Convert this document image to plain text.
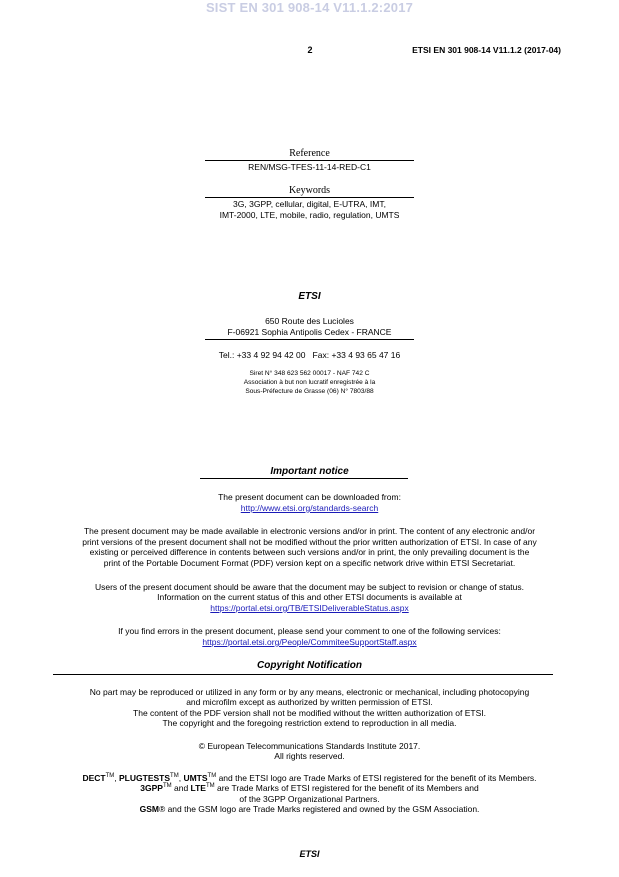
SIST EN 301 908-14 V11.1.2:2017
2	ETSI EN 301 908-14 V11.1.2 (2017-04)
Reference
REN/MSG-TFES-11-14-RED-C1
Keywords
3G, 3GPP, cellular, digital, E-UTRA, IMT,
IMT-2000, LTE, mobile, radio, regulation, UMTS
ETSI
650 Route des Lucioles
F-06921 Sophia Antipolis Cedex - FRANCE
Tel.: +33 4 92 94 42 00   Fax: +33 4 93 65 47 16
Siret N° 348 623 562 00017 - NAF 742 C
Association à but non lucratif enregistrée à la
Sous-Préfecture de Grasse (06) N° 7803/88
Important notice
The present document can be downloaded from:
http://www.etsi.org/standards-search
The present document may be made available in electronic versions and/or in print. The content of any electronic and/or
print versions of the present document shall not be modified without the prior written authorization of ETSI. In case of any
existing or perceived difference in contents between such versions and/or in print, the only prevailing document is the
print of the Portable Document Format (PDF) version kept on a specific network drive within ETSI Secretariat.
Users of the present document should be aware that the document may be subject to revision or change of status.
Information on the current status of this and other ETSI documents is available at
https://portal.etsi.org/TB/ETSIDeliverableStatus.aspx
If you find errors in the present document, please send your comment to one of the following services:
https://portal.etsi.org/People/CommiteeSupportStaff.aspx
Copyright Notification
No part may be reproduced or utilized in any form or by any means, electronic or mechanical, including photocopying
and microfilm except as authorized by written permission of ETSI.
The content of the PDF version shall not be modified without the written authorization of ETSI.
The copyright and the foregoing restriction extend to reproduction in all media.
© European Telecommunications Standards Institute 2017.
All rights reserved.
DECT™, PLUGTESTS™, UMTS™ and the ETSI logo are Trade Marks of ETSI registered for the benefit of its Members.
3GPP™ and LTE™ are Trade Marks of ETSI registered for the benefit of its Members and
of the 3GPP Organizational Partners.
GSM® and the GSM logo are Trade Marks registered and owned by the GSM Association.
ETSI
